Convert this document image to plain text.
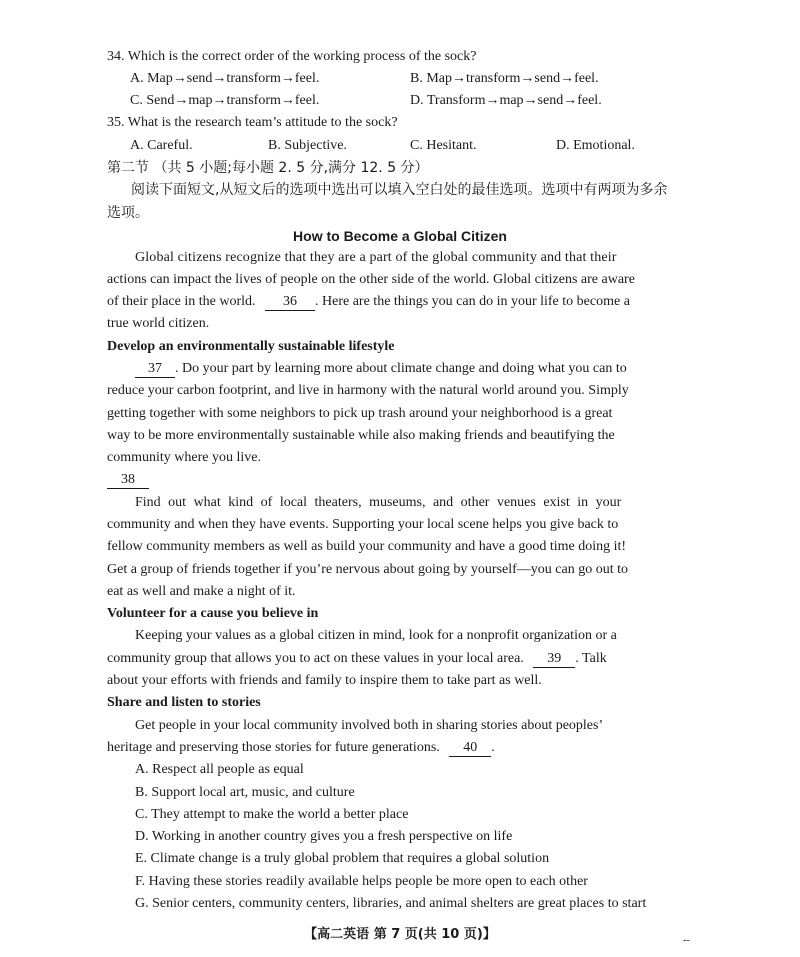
34. Which is the correct order of the working process of the sock?
A. Map→send→transform→feel.	B. Map→transform→send→feel.
C. Send→map→transform→feel.	D. Transform→map→send→feel.
35. What is the research team’s attitude to the sock?
A. Careful.	B. Subjective.	C. Hesitant.	D. Emotional.
第二节 （共 5 小题;每小题 2. 5 分,满分 12. 5 分）
阅读下面短文,从短文后的选项中选出可以填入空白处的最佳选项。选项中有两项为多余
选项。
How to Become a Global Citizen
Global citizens recognize that they are a part of the global community and that their
actions can impact the lives of people on the other side of the world. Global citizens are aware
of their place in the world. 36 . Here are the things you can do in your life to become a
true world citizen.
Develop an environmentally sustainable lifestyle
37 . Do your part by learning more about climate change and doing what you can to
reduce your carbon footprint, and live in harmony with the natural world around you. Simply
getting together with some neighbors to pick up trash around your neighborhood is a great
way to be more environmentally sustainable while also making friends and beautifying the
community where you live.
38
Find out what kind of local theaters, museums, and other venues exist in your
community and when they have events. Supporting your local scene helps you give back to
fellow community members as well as build your community and have a good time doing it!
Get a group of friends together if you’re nervous about going by yourself—you can go out to
eat as well and make a night of it.
Volunteer for a cause you believe in
Keeping your values as a global citizen in mind, look for a nonprofit organization or a
community group that allows you to act on these values in your local area. 39 . Talk
about your efforts with friends and family to inspire them to take part as well.
Share and listen to stories
Get people in your local community involved both in sharing stories about peoples’
heritage and preserving those stories for future generations. 40 .
A. Respect all people as equal
B. Support local art, music, and culture
C. They attempt to make the world a better place
D. Working in another country gives you a fresh perspective on life
E. Climate change is a truly global problem that requires a global solution
F. Having these stories readily available helps people be more open to each other
G. Senior centers, community centers, libraries, and animal shelters are great places to start
【高二英语 第 7 页(共 10 页)】	--
